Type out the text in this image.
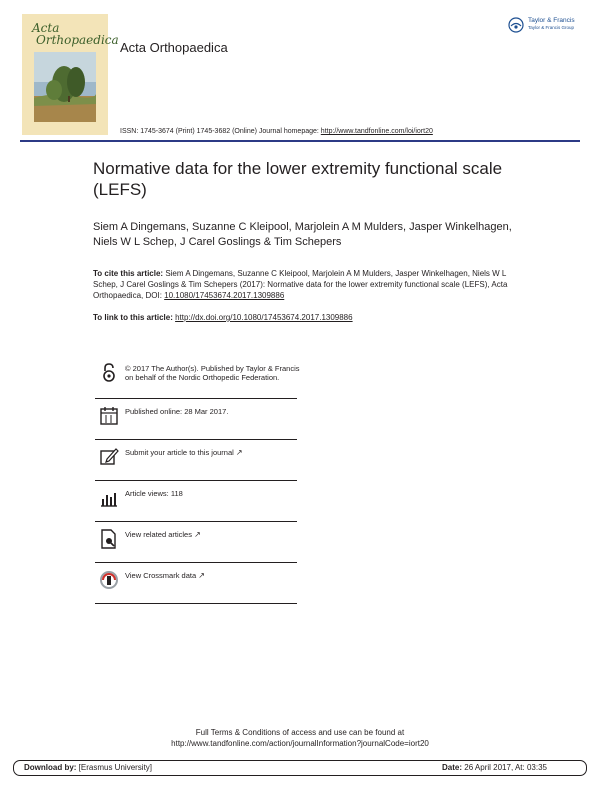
Acta
Orthopaedica
Taylor & Francis
Taylor & Francis Group
Acta Orthopaedica
ISSN: 1745-3674 (Print) 1745-3682 (Online) Journal homepage: http://www.tandfonline.com/loi/iort20
Normative data for the lower extremity functional scale (LEFS)
Siem A Dingemans, Suzanne C Kleipool, Marjolein A M Mulders, Jasper Winkelhagen, Niels W L Schep, J Carel Goslings & Tim Schepers
To cite this article: Siem A Dingemans, Suzanne C Kleipool, Marjolein A M Mulders, Jasper Winkelhagen, Niels W L Schep, J Carel Goslings & Tim Schepers (2017): Normative data for the lower extremity functional scale (LEFS), Acta Orthopaedica, DOI: 10.1080/17453674.2017.1309886
To link to this article: http://dx.doi.org/10.1080/17453674.2017.1309886
© 2017 The Author(s). Published by Taylor & Francis on behalf of the Nordic Orthopedic Federation.
Published online: 28 Mar 2017.
Submit your article to this journal ↗
Article views: 118
View related articles ↗
View Crossmark data ↗
Full Terms & Conditions of access and use can be found at
http://www.tandfonline.com/action/journalInformation?journalCode=iort20
Download by: [Erasmus University]	Date: 26 April 2017, At: 03:35
